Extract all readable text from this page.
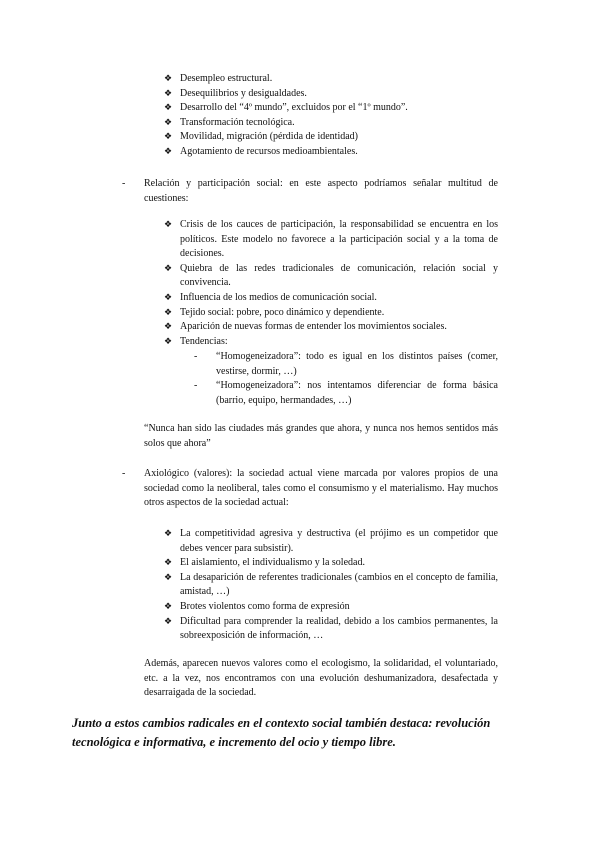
❖ Desempleo estructural.
❖ Desequilibrios y desigualdades.
❖ Desarrollo del “4º mundo”, excluidos por el “1º mundo”.
❖ Transformación tecnológica.
❖ Movilidad, migración (pérdida de identidad)
❖ Agotamiento de recursos medioambientales.
- Relación y participación social: en este aspecto podríamos señalar multitud de cuestiones:
❖ Crisis de los cauces de participación, la responsabilidad se encuentra en los políticos. Este modelo no favorece a la participación social y a la toma de decisiones.
❖ Quiebra de las redes tradicionales de comunicación, relación social y convivencia.
❖ Influencia de los medios de comunicación social.
❖ Tejido social: pobre, poco dinámico y dependiente.
❖ Aparición de nuevas formas de entender los movimientos sociales.
❖ Tendencias:
- “Homogeneizadora”: todo es igual en los distintos países (comer, vestirse, dormir, …)
- “Homogeneizadora”: nos intentamos diferenciar de forma básica (barrio, equipo, hermandades, …)
“Nunca han sido las ciudades más grandes que ahora, y nunca nos hemos sentidos más solos que ahora”
- Axiológico (valores): la sociedad actual viene marcada por valores propios de una sociedad como la neoliberal, tales como el consumismo y el materialismo. Hay muchos otros aspectos de la sociedad actual:
❖ La competitividad agresiva y destructiva (el prójimo es un competidor que debes vencer para subsistir).
❖ El aislamiento, el individualismo y la soledad.
❖ La desaparición de referentes tradicionales (cambios en el concepto de familia, amistad, …)
❖ Brotes violentos como forma de expresión
❖ Dificultad para comprender la realidad, debido a los cambios permanentes, la sobreexposición de información, …
Además, aparecen nuevos valores como el ecologismo, la solidaridad, el voluntariado, etc. a la vez, nos encontramos con una evolución deshumanizadora, desafectada y desarraigada de la sociedad.
Junto a estos cambios radicales en el contexto social también destaca: revolución tecnológica e informativa, e incremento del ocio y tiempo libre.
